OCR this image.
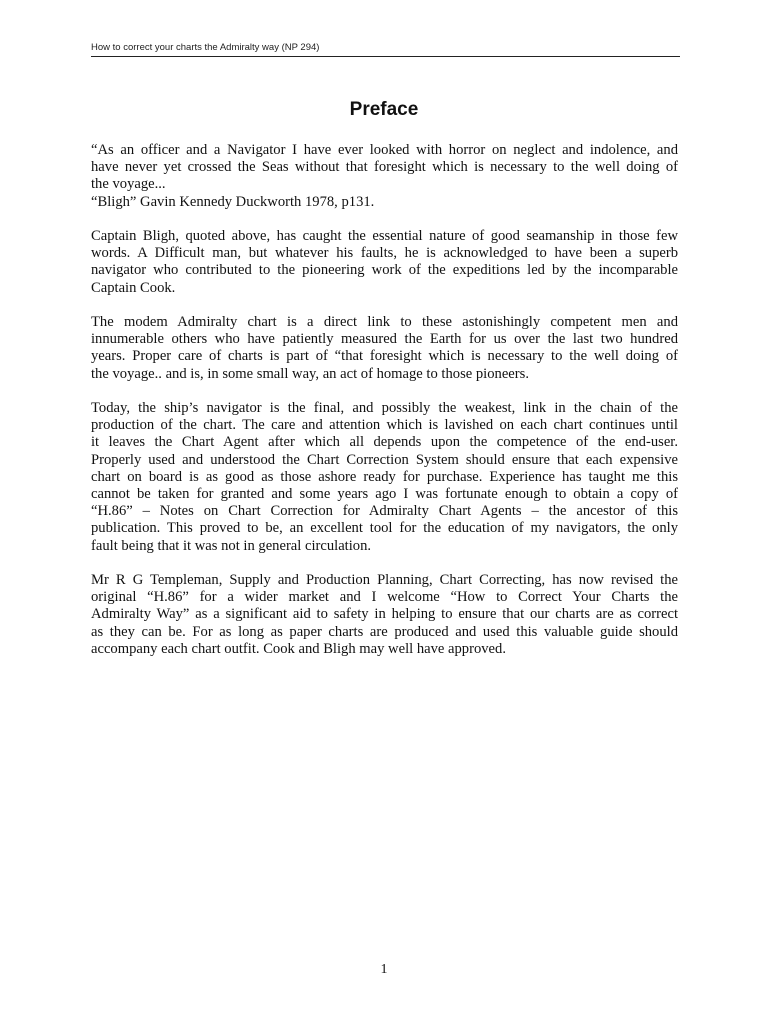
How to correct your charts the Admiralty way (NP 294)
Preface

“As an officer and a Navigator I have ever looked with horror on neglect and indolence, and
have never yet crossed the Seas without that foresight which is necessary to the well doing of
the voyage...
“Bligh” Gavin Kennedy Duckworth 1978, p131.

Captain Bligh, quoted above, has caught the essential nature of good seamanship in those few
words. A Difficult man, but whatever his faults, he is acknowledged to have been a superb
navigator who contributed to the pioneering work of the expeditions led by the incomparable
Captain Cook.

The modem Admiralty chart is a direct link to these astonishingly competent men and
innumerable others who have patiently measured the Earth for us over the last two hundred
years. Proper care of charts is part of “that foresight which is necessary to the well doing of
the voyage.. and is, in some small way, an act of homage to those pioneers.

Today, the ship’s navigator is the final, and possibly the weakest, link in the chain of the
production of the chart. The care and attention which is lavished on each chart continues until
it leaves the Chart Agent after which all depends upon the competence of the end-user.
Properly used and understood the Chart Correction System should ensure that each expensive
chart on board is as good as those ashore ready for purchase. Experience has taught me this
cannot be taken for granted and some years ago I was fortunate enough to obtain a copy of
“H.86” – Notes on Chart Correction for Admiralty Chart Agents – the ancestor of this
publication. This proved to be, an excellent tool for the education of my navigators, the only
fault being that it was not in general circulation.

Mr R G Templeman, Supply and Production Planning, Chart Correcting, has now revised the
original “H.86” for a wider market and I welcome “How to Correct Your Charts the
Admiralty Way” as a significant aid to safety in helping to ensure that our charts are as correct
as they can be. For as long as paper charts are produced and used this valuable guide should
accompany each chart outfit. Cook and Bligh may well have approved.

1
